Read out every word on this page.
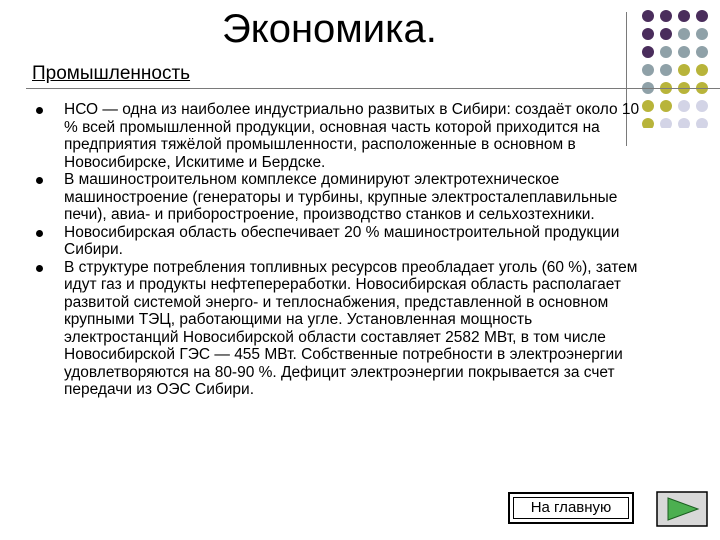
Экономика.
Промышленность
НСО — одна из наиболее индустриально развитых в Сибири: создаёт около 10 % всей промышленной продукции, основная часть которой приходится на предприятия тяжёлой промышленности, расположенные в основном в Новосибирске, Искитиме и Бердске.
В машиностроительном комплексе доминируют электротехническое машиностроение (генераторы и турбины, крупные электросталеплавильные печи), авиа- и приборостроение, производство станков и сельхозтехники.
Новосибирская область обеспечивает 20 % машиностроительной продукции Сибири.
В структуре потребления топливных ресурсов преобладает уголь (60 %), затем идут газ и продукты нефтепереработки. Новосибирская область располагает развитой системой энерго- и теплоснабжения, представленной в основном крупными ТЭЦ, работающими на угле. Установленная мощность электростанций Новосибирской области составляет 2582 МВт, в том числе Новосибирской ГЭС — 455 МВт. Собственные потребности в электроэнергии удовлетворяются на 80-90 %. Дефицит электроэнергии покрывается за счет передачи из ОЭС Сибири.
На главную
